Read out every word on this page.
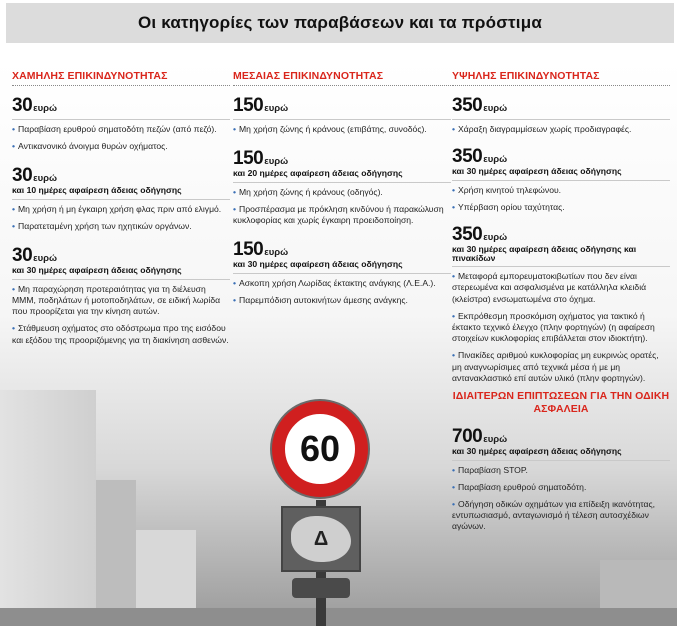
Οι κατηγορίες των παραβάσεων και τα πρόστιμα
60
Δ
ΧΑΜΗΛΗΣ ΕΠΙΚΙΝΔΥΝΟΤΗΤΑΣ
30ευρώ
• Παραβίαση ερυθρού σηματοδότη πεζών (από πεζό).
• Αντικανονικό άνοιγμα θυρών οχήματος.
30ευρώ
και 10 ημέρες αφαίρεση άδειας οδήγησης
• Μη χρήση ή μη έγκαιρη χρήση φλας πριν από ελιγμό.
• Παρατεταμένη χρήση των ηχητικών οργάνων.
30ευρώ
και 30 ημέρες αφαίρεση άδειας οδήγησης
• Μη παραχώρηση προτεραιότητας για τη διέλευση ΜΜΜ, ποδηλάτων ή μοτοποδηλάτων, σε ειδική λωρίδα που προορίζεται για την κίνηση αυτών.
• Στάθμευση οχήματος στο οδόστρωμα προ της εισόδου και εξόδου της προοριζόμενης για τη διακίνηση ασθενών.
ΜΕΣΑΙΑΣ ΕΠΙΚΙΝΔΥΝΟΤΗΤΑΣ
150ευρώ
• Μη χρήση ζώνης ή κράνους (επιβάτης, συνοδός).
150ευρώ
και 20 ημέρες αφαίρεση άδειας οδήγησης
• Μη χρήση ζώνης ή κράνους (οδηγός).
• Προσπέρασμα με πρόκληση κινδύνου ή παρακώλυση κυκλοφορίας και χωρίς έγκαιρη προειδοποίηση.
150ευρώ
και 30 ημέρες αφαίρεση άδειας οδήγησης
• Ασκοπη χρήση Λωρίδας έκτακτης ανάγκης (Λ.Ε.Α.).
• Παρεμπόδιση αυτοκινήτων άμεσης ανάγκης.
ΥΨΗΛΗΣ ΕΠΙΚΙΝΔΥΝΟΤΗΤΑΣ
350ευρώ
• Χάραξη διαγραμμίσεων χωρίς προδιαγραφές.
350ευρώ
και 30 ημέρες αφαίρεση άδειας οδήγησης
• Χρήση κινητού τηλεφώνου.
• Υπέρβαση ορίου ταχύτητας.
350ευρώ
και 30 ημέρες αφαίρεση άδειας οδήγησης και πινακίδων
• Μεταφορά εμπορευματοκιβωτίων που δεν είναι στερεωμένα και ασφαλισμένα με κατάλληλα κλειδιά (κλείστρα) ενσωματωμένα στο όχημα.
• Εκπρόθεσμη προσκόμιση οχήματος για τακτικό ή έκτακτο τεχνικό έλεγχο (πλην φορτηγών) (η αφαίρεση στοιχείων κυκλοφορίας επιβάλλεται στον ιδιοκτήτη).
• Πινακίδες αριθμού κυκλοφορίας μη ευκρινώς ορατές, μη αναγνωρίσιμες από τεχνικά μέσα ή με μη αντανακλαστικό επί αυτών υλικό (πλην φορτηγών).
ΙΔΙΑΙΤΕΡΩΝ ΕΠΙΠΤΩΣΕΩΝ ΓΙΑ ΤΗΝ ΟΔΙΚΗ ΑΣΦΑΛΕΙΑ
700ευρώ
και 30 ημέρες αφαίρεση άδειας οδήγησης
• Παραβίαση STOP.
• Παραβίαση ερυθρού σηματοδότη.
• Οδήγηση οδικών οχημάτων για επίδειξη ικανότητας, εντυπωσιασμό, ανταγωνισμό ή τέλεση αυτοσχέδιων αγώνων.
